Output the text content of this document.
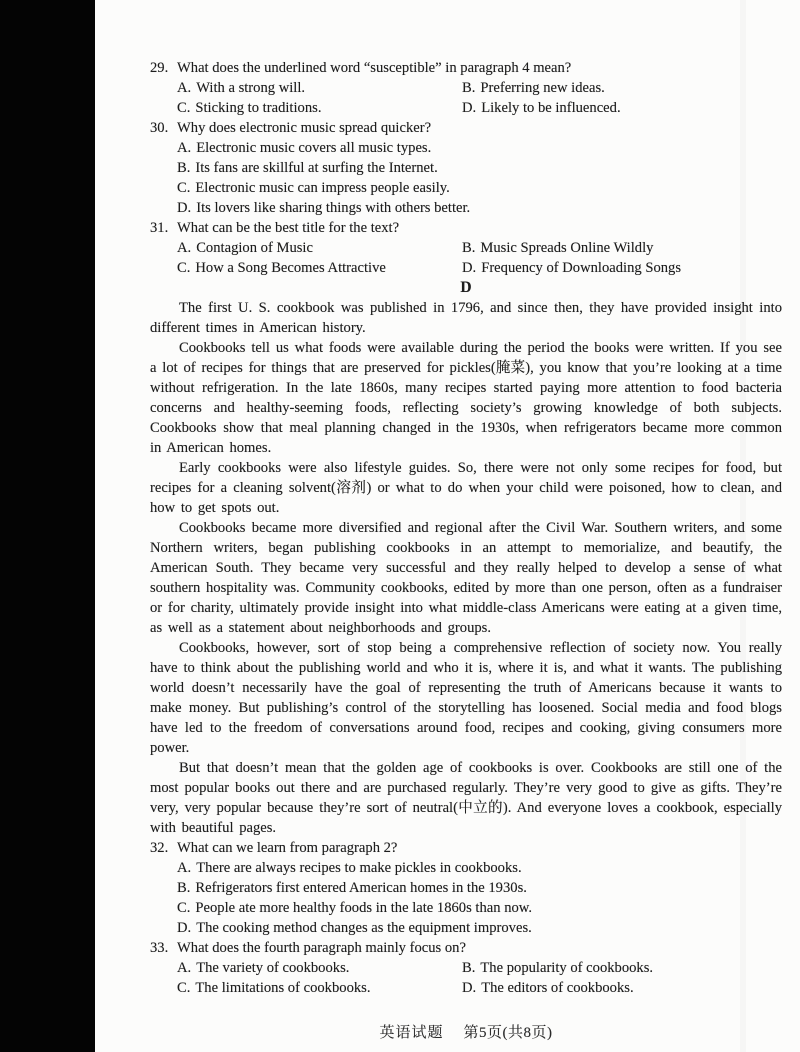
29. What does the underlined word “susceptible” in paragraph 4 mean?
A. With a strong will.	B. Preferring new ideas.
C. Sticking to traditions.	D. Likely to be influenced.
30. Why does electronic music spread quicker?
A. Electronic music covers all music types.
B. Its fans are skillful at surfing the Internet.
C. Electronic music can impress people easily.
D. Its lovers like sharing things with others better.
31. What can be the best title for the text?
A. Contagion of Music	B. Music Spreads Online Wildly
C. How a Song Becomes Attractive	D. Frequency of Downloading Songs
D

The first U. S. cookbook was published in 1796, and since then, they have provided insight into different times in American history.

Cookbooks tell us what foods were available during the period the books were written. If you see a lot of recipes for things that are preserved for pickles(腌菜), you know that you’re looking at a time without refrigeration. In the late 1860s, many recipes started paying more attention to food bacteria concerns and healthy-seeming foods, reflecting society’s growing knowledge of both subjects. Cookbooks show that meal planning changed in the 1930s, when refrigerators became more common in American homes.

Early cookbooks were also lifestyle guides. So, there were not only some recipes for food, but recipes for a cleaning solvent(溶剂) or what to do when your child were poisoned, how to clean, and how to get spots out.

Cookbooks became more diversified and regional after the Civil War. Southern writers, and some Northern writers, began publishing cookbooks in an attempt to memorialize, and beautify, the American South. They became very successful and they really helped to develop a sense of what southern hospitality was. Community cookbooks, edited by more than one person, often as a fundraiser or for charity, ultimately provide insight into what middle-class Americans were eating at a given time, as well as a statement about neighborhoods and groups.

Cookbooks, however, sort of stop being a comprehensive reflection of society now. You really have to think about the publishing world and who it is, where it is, and what it wants. The publishing world doesn’t necessarily have the goal of representing the truth of Americans because it wants to make money. But publishing’s control of the storytelling has loosened. Social media and food blogs have led to the freedom of conversations around food, recipes and cooking, giving consumers more power.

But that doesn’t mean that the golden age of cookbooks is over. Cookbooks are still one of the most popular books out there and are purchased regularly. They’re very good to give as gifts. They’re very, very popular because they’re sort of neutral(中立的). And everyone loves a cookbook, especially with beautiful pages.

32. What can we learn from paragraph 2?
A. There are always recipes to make pickles in cookbooks.
B. Refrigerators first entered American homes in the 1930s.
C. People ate more healthy foods in the late 1860s than now.
D. The cooking method changes as the equipment improves.
33. What does the fourth paragraph mainly focus on?
A. The variety of cookbooks.	B. The popularity of cookbooks.
C. The limitations of cookbooks.	D. The editors of cookbooks.
英语试题 第5页(共8页)
